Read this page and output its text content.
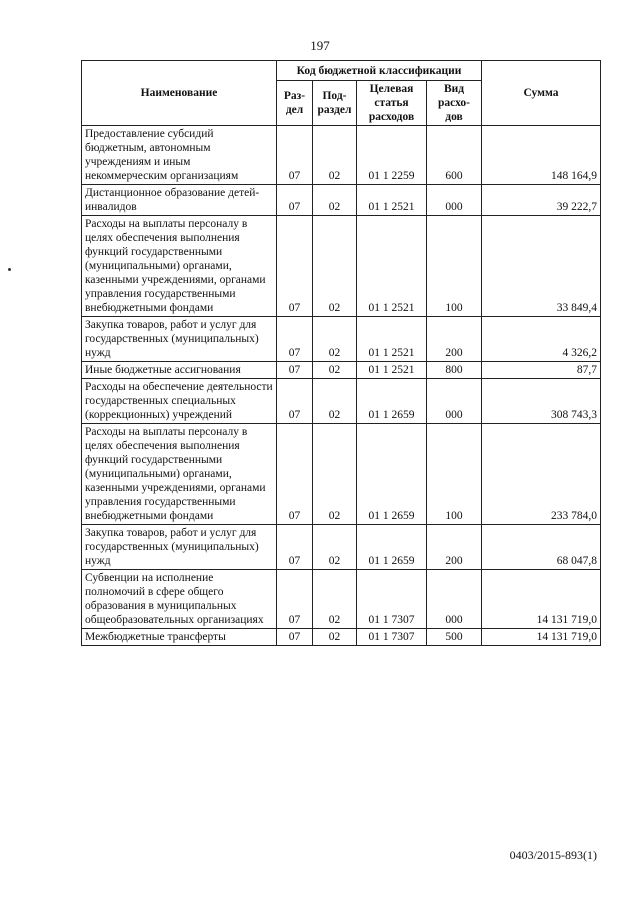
197
Наименование	Код бюджетной классификации				Сумма
	Раз-дел	Под-раздел	Целевая статья расходов	Вид расхо-дов	
Предоставление субсидий бюджетным, автономным учреждениям и иным некоммерческим организациям	07	02	01 1 2259	600	148 164,9
Дистанционное образование детей-инвалидов	07	02	01 1 2521	000	39 222,7
Расходы на выплаты персоналу в целях обеспечения выполнения функций государственными (муниципальными) органами, казенными учреждениями, органами управления государственными внебюджетными фондами	07	02	01 1 2521	100	33 849,4
Закупка товаров, работ и услуг для государственных (муниципальных) нужд	07	02	01 1 2521	200	4 326,2
Иные бюджетные ассигнования	07	02	01 1 2521	800	87,7
Расходы на обеспечение деятельности государственных специальных (коррекционных) учреждений	07	02	01 1 2659	000	308 743,3
Расходы на выплаты персоналу в целях обеспечения выполнения функций государственными (муниципальными) органами, казенными учреждениями, органами управления государственными внебюджетными фондами	07	02	01 1 2659	100	233 784,0
Закупка товаров, работ и услуг для государственных (муниципальных) нужд	07	02	01 1 2659	200	68 047,8
Субвенции на исполнение полномочий в сфере общего образования в муниципальных общеобразовательных организациях	07	02	01 1 7307	000	14 131 719,0
Межбюджетные трансферты	07	02	01 1 7307	500	14 131 719,0
0403/2015-893(1)
